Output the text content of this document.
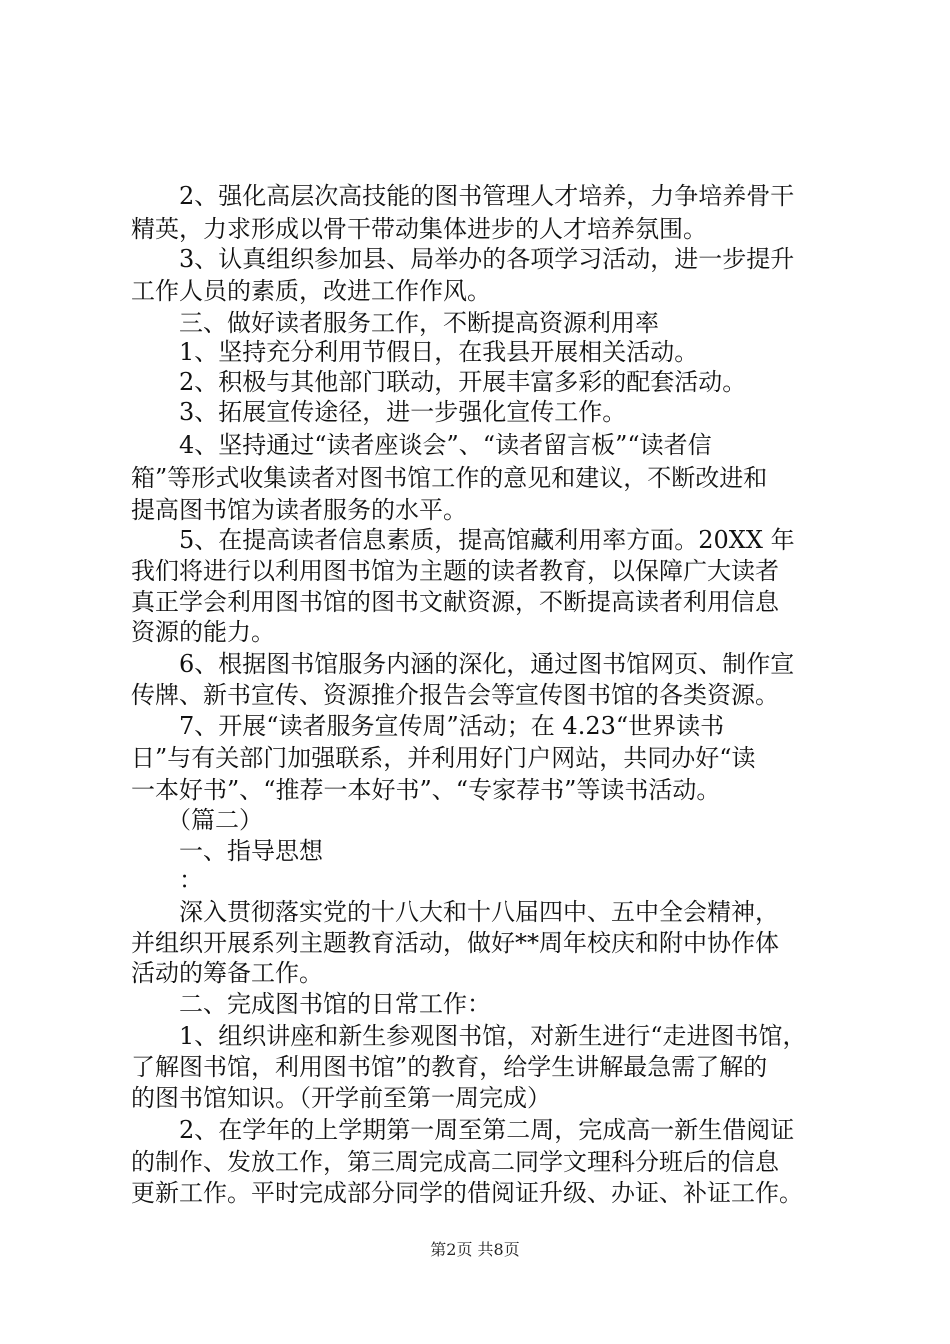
　　2、强化高层次高技能的图书管理人才培养，力争培养骨干
精英，力求形成以骨干带动集体进步的人才培养氛围。
　　3、认真组织参加县、局举办的各项学习活动，进一步提升
工作人员的素质，改进工作作风。
　　三、做好读者服务工作，不断提高资源利用率
　　1、坚持充分利用节假日，在我县开展相关活动。
　　2、积极与其他部门联动，开展丰富多彩的配套活动。
　　3、拓展宣传途径，进一步强化宣传工作。
　　4、坚持通过“读者座谈会”、“读者留言板”“读者信
箱”等形式收集读者对图书馆工作的意见和建议，不断改进和
提高图书馆为读者服务的水平。
　　5、在提高读者信息素质，提高馆藏利用率方面。20XX 年
我们将进行以利用图书馆为主题的读者教育，以保障广大读者
真正学会利用图书馆的图书文献资源，不断提高读者利用信息
资源的能力。
　　6、根据图书馆服务内涵的深化，通过图书馆网页、制作宣
传牌、新书宣传、资源推介报告会等宣传图书馆的各类资源。
　　7、开展“读者服务宣传周”活动；在 4.23“世界读书
日”与有关部门加强联系，并利用好门户网站，共同办好“读
一本好书”、“推荐一本好书”、“专家荐书”等读书活动。
　　（篇二）
　　一、指导思想
　　：
　　深入贯彻落实党的十八大和十八届四中、五中全会精神，
并组织开展系列主题教育活动，做好**周年校庆和附中协作体
活动的筹备工作。
　　二、完成图书馆的日常工作：
　　1、组织讲座和新生参观图书馆，对新生进行“走进图书馆，
了解图书馆，利用图书馆”的教育，给学生讲解最急需了解的
的图书馆知识。（开学前至第一周完成）
　　2、在学年的上学期第一周至第二周，完成高一新生借阅证
的制作、发放工作，第三周完成高二同学文理科分班后的信息
更新工作。平时完成部分同学的借阅证升级、办证、补证工作。
第2页 共8页
